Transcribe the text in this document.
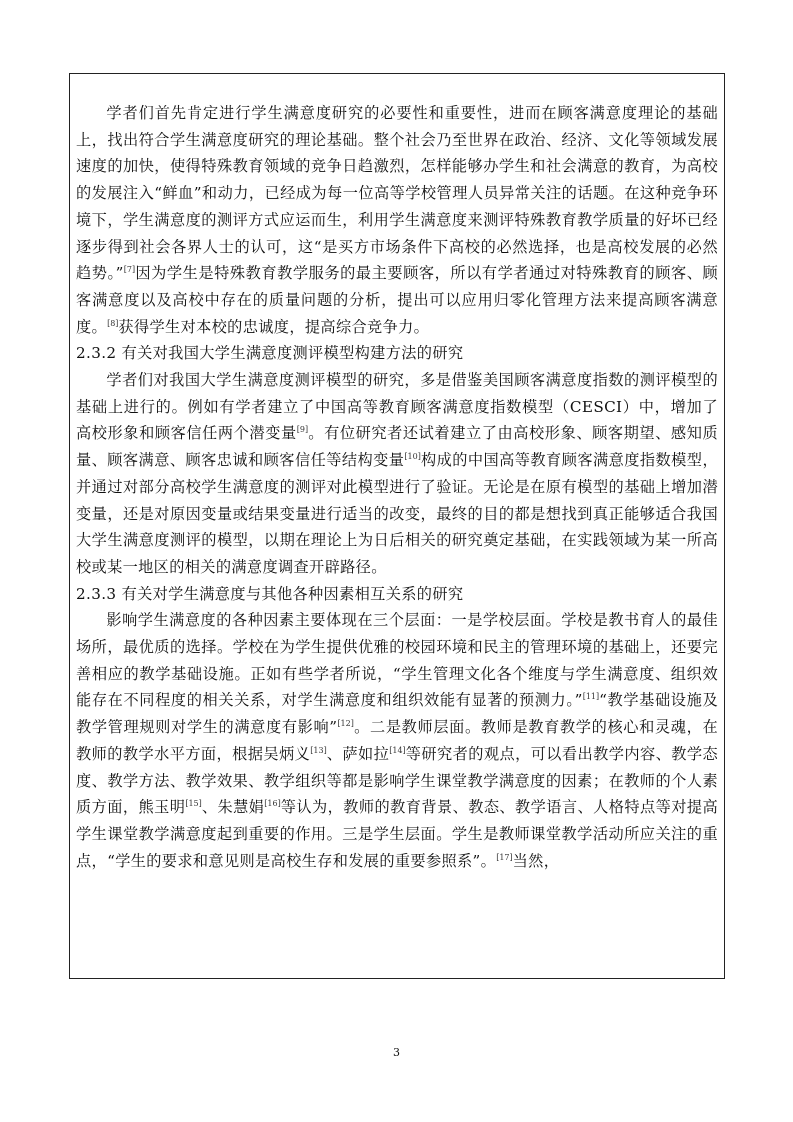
学者们首先肯定进行学生满意度研究的必要性和重要性，进而在顾客满意度理论的基础上，找出符合学生满意度研究的理论基础。整个社会乃至世界在政治、经济、文化等领域发展速度的加快，使得特殊教育领域的竞争日趋激烈，怎样能够办学生和社会满意的教育，为高校的发展注入“鲜血”和动力，已经成为每一位高等学校管理人员异常关注的话题。在这种竞争环境下，学生满意度的测评方式应运而生，利用学生满意度来测评特殊教育教学质量的好坏已经逐步得到社会各界人士的认可，这“是买方市场条件下高校的必然选择，也是高校发展的必然趋势。”[7]因为学生是特殊教育教学服务的最主要顾客，所以有学者通过对特殊教育的顾客、顾客满意度以及高校中存在的质量问题的分析，提出可以应用归零化管理方法来提高顾客满意度。[8]获得学生对本校的忠诚度，提高综合竞争力。

2.3.2 有关对我国大学生满意度测评模型构建方法的研究

学者们对我国大学生满意度测评模型的研究，多是借鉴美国顾客满意度指数的测评模型的基础上进行的。例如有学者建立了中国高等教育顾客满意度指数模型（CESCI）中，增加了高校形象和顾客信任两个潜变量[9]。有位研究者还试着建立了由高校形象、顾客期望、感知质量、顾客满意、顾客忠诚和顾客信任等结构变量[10]构成的中国高等教育顾客满意度指数模型，并通过对部分高校学生满意度的测评对此模型进行了验证。无论是在原有模型的基础上增加潜变量，还是对原因变量或结果变量进行适当的改变，最终的目的都是想找到真正能够适合我国大学生满意度测评的模型，以期在理论上为日后相关的研究奠定基础，在实践领域为某一所高校或某一地区的相关的满意度调查开辟路径。

2.3.3 有关对学生满意度与其他各种因素相互关系的研究

影响学生满意度的各种因素主要体现在三个层面：一是学校层面。学校是教书育人的最佳场所，最优质的选择。学校在为学生提供优雅的校园环境和民主的管理环境的基础上，还要完善相应的教学基础设施。正如有些学者所说，“学生管理文化各个维度与学生满意度、组织效能存在不同程度的相关关系，对学生满意度和组织效能有显著的预测力。”[11]“教学基础设施及教学管理规则对学生的满意度有影响”[12]。二是教师层面。教师是教育教学的核心和灵魂，在教师的教学水平方面，根据吴炳义[13]、萨如拉[14]等研究者的观点，可以看出教学内容、教学态度、教学方法、教学效果、教学组织等都是影响学生课堂教学满意度的因素；在教师的个人素质方面，熊玉明[15]、朱慧娟[16]等认为，教师的教育背景、教态、教学语言、人格特点等对提高学生课堂教学满意度起到重要的作用。三是学生层面。学生是教师课堂教学活动所应关注的重点，“学生的要求和意见则是高校生存和发展的重要参照系”。[17]当然，

3
